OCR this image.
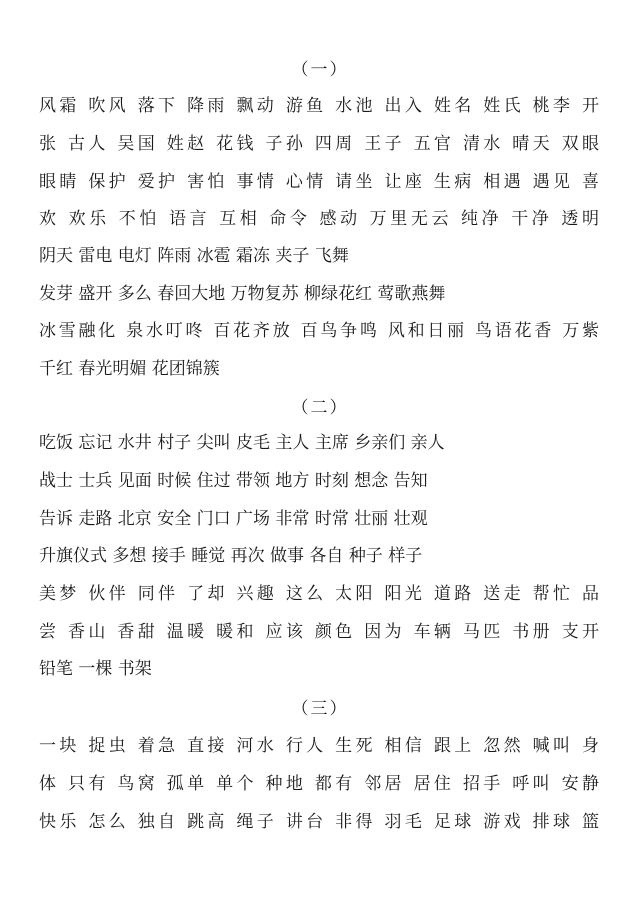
（一）
风霜 吹风 落下 降雨 飘动 游鱼 水池 出入 姓名 姓氏 桃李 开
张 古人 吴国 姓赵 花钱 子孙 四周 王子 五官 清水 晴天 双眼
眼睛 保护 爱护 害怕 事情 心情 请坐 让座 生病 相遇 遇见 喜
欢 欢乐 不怕 语言 互相 命令 感动 万里无云 纯净 干净 透明
阴天 雷电 电灯 阵雨 冰雹 霜冻 夹子 飞舞
发芽 盛开 多么 春回大地 万物复苏 柳绿花红 莺歌燕舞
冰雪融化 泉水叮咚 百花齐放 百鸟争鸣 风和日丽 鸟语花香 万紫
千红 春光明媚 花团锦簇
（二）
吃饭 忘记 水井 村子 尖叫 皮毛 主人 主席 乡亲们 亲人
战士 士兵 见面 时候 住过 带领 地方 时刻 想念 告知
告诉 走路 北京 安全 门口 广场 非常 时常 壮丽 壮观
升旗仪式 多想 接手 睡觉 再次 做事 各自 种子 样子
美梦 伙伴 同伴 了却 兴趣 这么 太阳 阳光 道路 送走 帮忙 品
尝 香山 香甜 温暖 暖和 应该 颜色 因为 车辆 马匹 书册 支开
铅笔 一棵 书架
（三）
一块 捉虫 着急 直接 河水 行人 生死 相信 跟上 忽然 喊叫 身
体 只有 鸟窝 孤单 单个 种地 都有 邻居 居住 招手 呼叫 安静
快乐 怎么 独自 跳高 绳子 讲台 非得 羽毛 足球 游戏 排球 篮
